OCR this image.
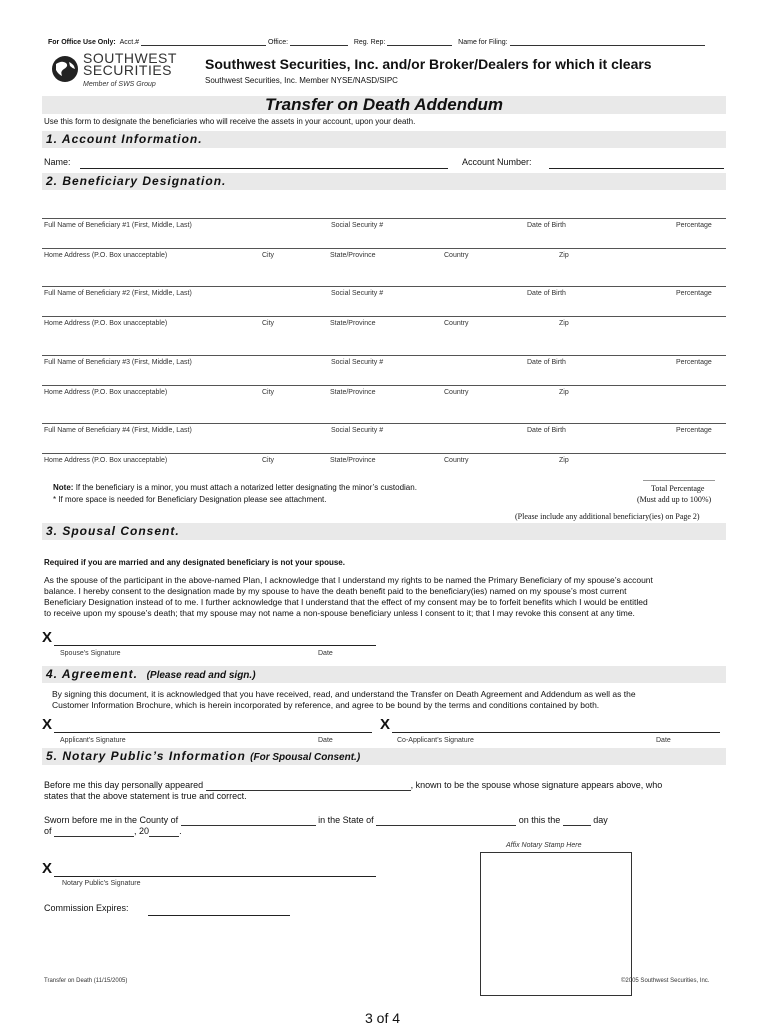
For Office Use Only: Acct.#	Office:	Reg. Rep:	Name for Filing:
SOUTHWEST
SECURITIES
Member of SWS Group
Southwest Securities, Inc. and/or Broker/Dealers for which it clears
Southwest Securities, Inc. Member NYSE/NASD/SIPC
Transfer on Death Addendum
Use this form to designate the beneficiaries who will receive the assets in your account, upon your death.
1. Account Information.
Name:	Account Number:
2. Beneficiary Designation.
Full Name of Beneficiary #1 (First, Middle, Last)	Social Security #	Date of Birth	Percentage
Home Address (P.O. Box unacceptable)	City	State/Province	Country	Zip
Full Name of Beneficiary #2 (First, Middle, Last)	Social Security #	Date of Birth	Percentage
Home Address (P.O. Box unacceptable)	City	State/Province	Country	Zip
Full Name of Beneficiary #3 (First, Middle, Last)	Social Security #	Date of Birth	Percentage
Home Address (P.O. Box unacceptable)	City	State/Province	Country	Zip
Full Name of Beneficiary #4 (First, Middle, Last)	Social Security #	Date of Birth	Percentage
Home Address (P.O. Box unacceptable)	City	State/Province	Country	Zip
Note: If the beneficiary is a minor, you must attach a notarized letter designating the minor’s custodian.
* If more space is needed for Beneficiary Designation please see attachment.
Total Percentage
(Must add up to 100%)
(Please include any additional beneficiary(ies) on Page 2)
3. Spousal Consent.
Required if you are married and any designated beneficiary is not your spouse.
As the spouse of the participant in the above-named Plan, I acknowledge that I understand my rights to be named the Primary Beneficiary of my spouse’s account
balance. I hereby consent to the designation made by my spouse to have the death benefit paid to the beneficiary(ies) named on my spouse’s most current
Beneficiary Designation instead of to me. I further acknowledge that I understand that the effect of my consent may be to forfeit benefits which I would be entitled
to receive upon my spouse’s death; that my spouse may not name a non-spouse beneficiary unless I consent to it; that I may revoke this consent at any time.
X
Spouse’s Signature	Date
4. Agreement. (Please read and sign.)
By signing this document, it is acknowledged that you have received, read, and understand the Transfer on Death Agreement and Addendum as well as the
Customer Information Brochure, which is herein incorporated by reference, and agree to be bound by the terms and conditions contained by both.
X
Applicant’s Signature	Date
X
Co-Applicant’s Signature	Date
5. Notary Public’s Information (For Spousal Consent.)
Before me this day personally appeared	, known to be the spouse whose signature appears above, who
states that the above statement is true and correct.
Sworn before me in the County of	in the State of	on this the	day
of	, 20	.
Affix Notary Stamp Here
X
Notary Public’s Signature
Commission Expires:
Transfer on Death (11/15/2005)	©2005 Southwest Securities, Inc.
3 of 4
